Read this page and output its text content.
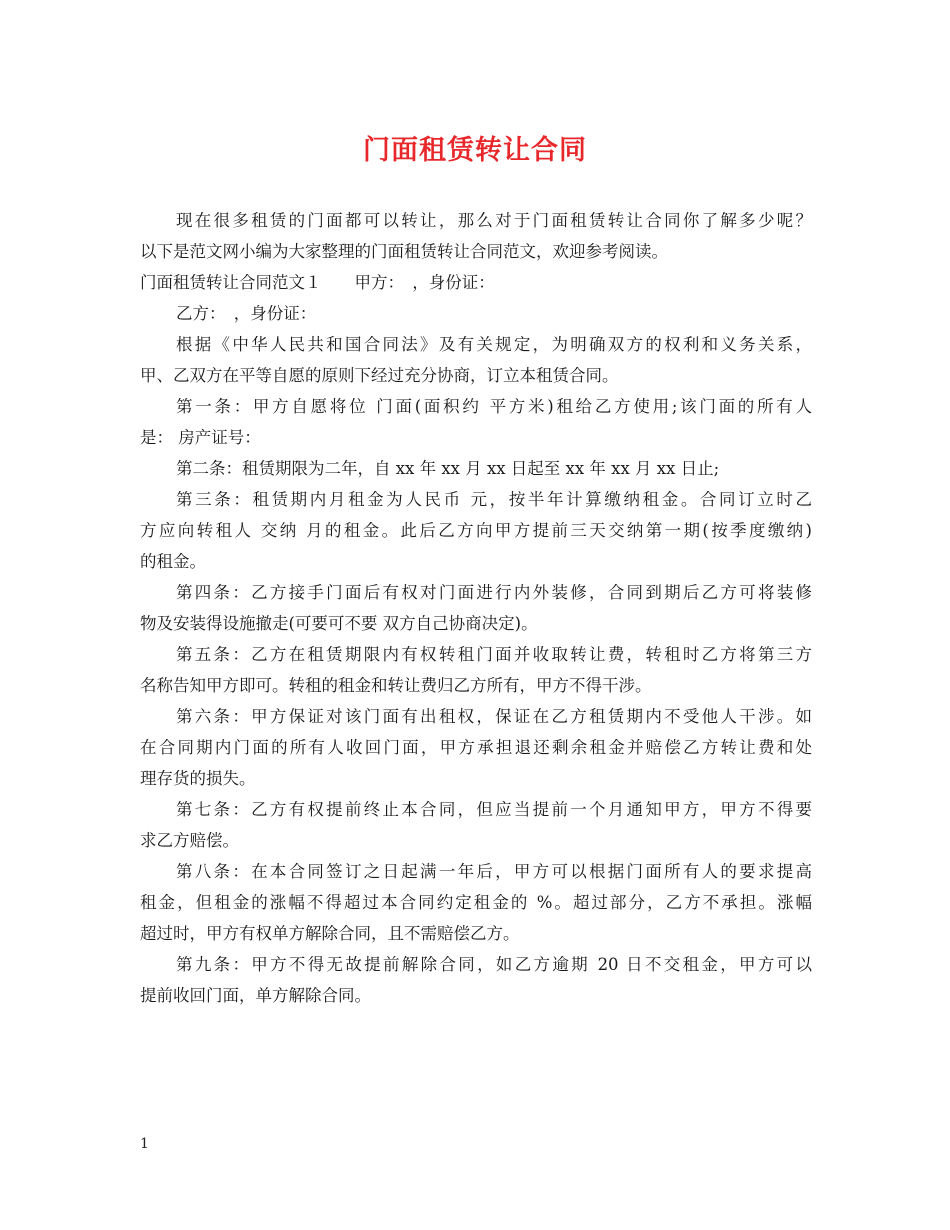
门面租赁转让合同
现在很多租赁的门面都可以转让，那么对于门面租赁转让合同你了解多少呢？
以下是范文网小编为大家整理的门面租赁转让合同范文，欢迎参考阅读。
门面租赁转让合同范文１　　甲方：　，身份证：
乙方：　，身份证：
根据《中华人民共和国合同法》及有关规定，为明确双方的权利和义务关系，
甲、乙双方在平等自愿的原则下经过充分协商，订立本租赁合同。
第一条：甲方自愿将位 门面(面积约 平方米)租给乙方使用;该门面的所有人
是： 房产证号：
第二条：租赁期限为二年，自 xx 年 xx 月 xx 日起至 xx 年 xx 月 xx 日止;
第三条：租赁期内月租金为人民币 元，按半年计算缴纳租金。合同订立时乙
方应向转租人 交纳 月的租金。此后乙方向甲方提前三天交纳第一期(按季度缴纳)
的租金。
第四条：乙方接手门面后有权对门面进行内外装修，合同到期后乙方可将装修
物及安装得设施撤走(可要可不要 双方自己协商决定)。
第五条：乙方在租赁期限内有权转租门面并收取转让费，转租时乙方将第三方
名称告知甲方即可。转租的租金和转让费归乙方所有，甲方不得干涉。
第六条：甲方保证对该门面有出租权，保证在乙方租赁期内不受他人干涉。如
在合同期内门面的所有人收回门面，甲方承担退还剩余租金并赔偿乙方转让费和处
理存货的损失。
第七条：乙方有权提前终止本合同，但应当提前一个月通知甲方，甲方不得要
求乙方赔偿。
第八条：在本合同签订之日起满一年后，甲方可以根据门面所有人的要求提高
租金，但租金的涨幅不得超过本合同约定租金的 %。超过部分，乙方不承担。涨幅
超过时，甲方有权单方解除合同，且不需赔偿乙方。
第九条：甲方不得无故提前解除合同，如乙方逾期 20 日不交租金，甲方可以
提前收回门面，单方解除合同。
1
